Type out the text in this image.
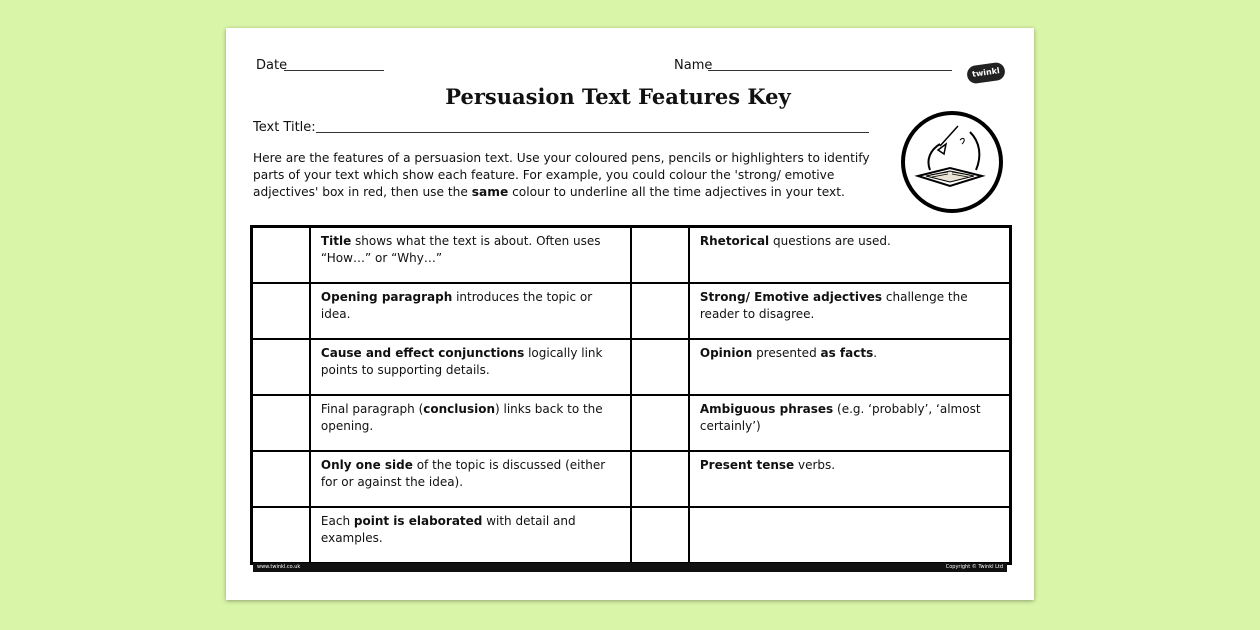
Date	Name	twinkl
Persuasion Text Features Key
Text Title:
Here are the features of a persuasion text. Use your coloured pens, pencils or highlighters to identify parts of your text which show each feature. For example, you could colour the 'strong/ emotive adjectives' box in red, then use the same colour to underline all the time adjectives in your text.
	Title shows what the text is about. Often uses “How…” or “Why…”		Rhetorical questions are used.
	Opening paragraph introduces the topic or idea.		Strong/ Emotive adjectives challenge the reader to disagree.
	Cause and effect conjunctions logically link points to supporting details.		Opinion presented as facts.
	Final paragraph (conclusion) links back to the opening.		Ambiguous phrases (e.g. ‘probably’, ‘almost certainly’)
	Only one side of the topic is discussed (either for or against the idea).		Present tense verbs.
	Each point is elaborated with detail and examples.		
www.twinkl.co.uk	Copyright © Twinkl Ltd
